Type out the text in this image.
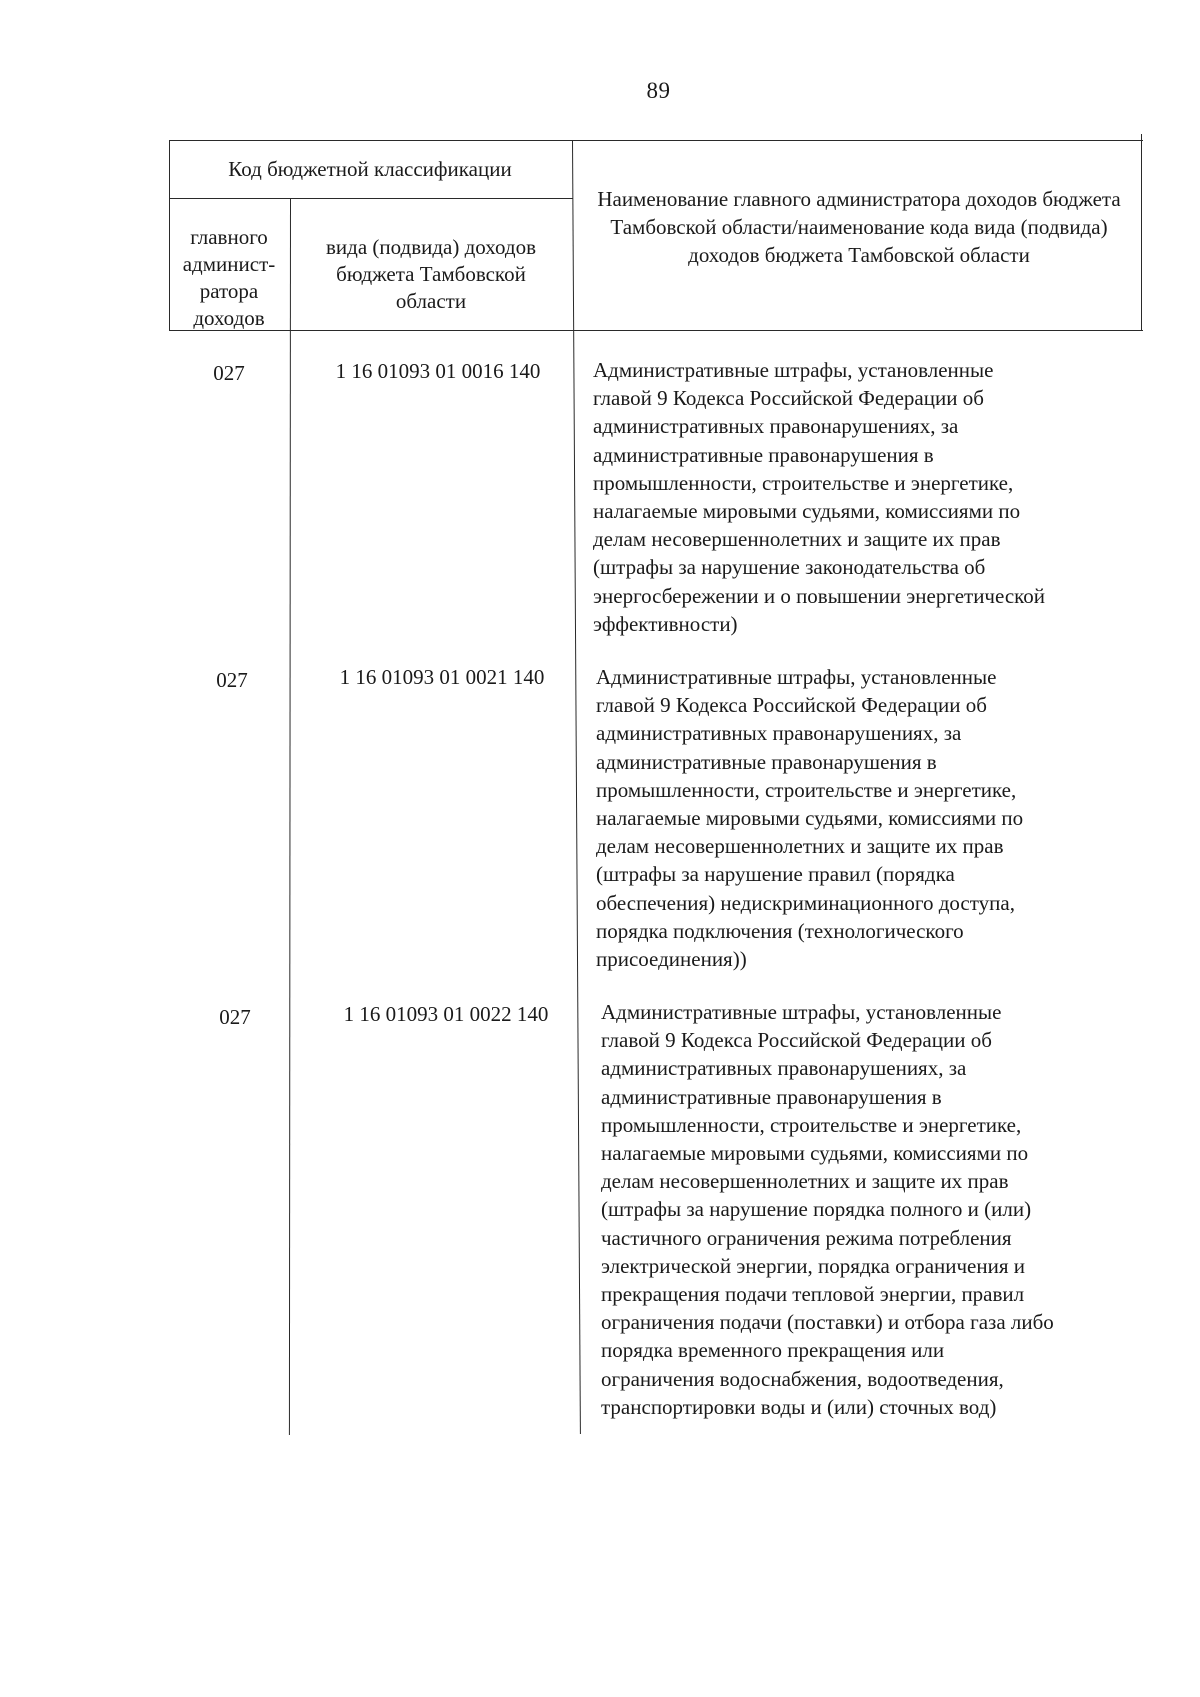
89
Код бюджетной классификации
главного админист-ратора доходов
вида (подвида) доходов бюджета Тамбовской области
Наименование главного администратора доходов бюджета Тамбовской области/наименование кода вида (подвида) доходов бюджета Тамбовской области
027	1 16 01093 01 0016 140	Административные штрафы, установленные
главой 9 Кодекса Российской Федерации об
административных правонарушениях, за
административные правонарушения в
промышленности, строительстве и энергетике,
налагаемые мировыми судьями, комиссиями по
делам несовершеннолетних и защите их прав
(штрафы за нарушение законодательства об
энергосбережении и о повышении энергетической
эффективности)
027	1 16 01093 01 0021 140	Административные штрафы, установленные
главой 9 Кодекса Российской Федерации об
административных правонарушениях, за
административные правонарушения в
промышленности, строительстве и энергетике,
налагаемые мировыми судьями, комиссиями по
делам несовершеннолетних и защите их прав
(штрафы за нарушение правил (порядка
обеспечения) недискриминационного доступа,
порядка подключения (технологического
присоединения))
027	1 16 01093 01 0022 140	Административные штрафы, установленные
главой 9 Кодекса Российской Федерации об
административных правонарушениях, за
административные правонарушения в
промышленности, строительстве и энергетике,
налагаемые мировыми судьями, комиссиями по
делам несовершеннолетних и защите их прав
(штрафы за нарушение порядка полного и (или)
частичного ограничения режима потребления
электрической энергии, порядка ограничения и
прекращения подачи тепловой энергии, правил
ограничения подачи (поставки) и отбора газа либо
порядка временного прекращения или
ограничения водоснабжения, водоотведения,
транспортировки воды и (или) сточных вод)
